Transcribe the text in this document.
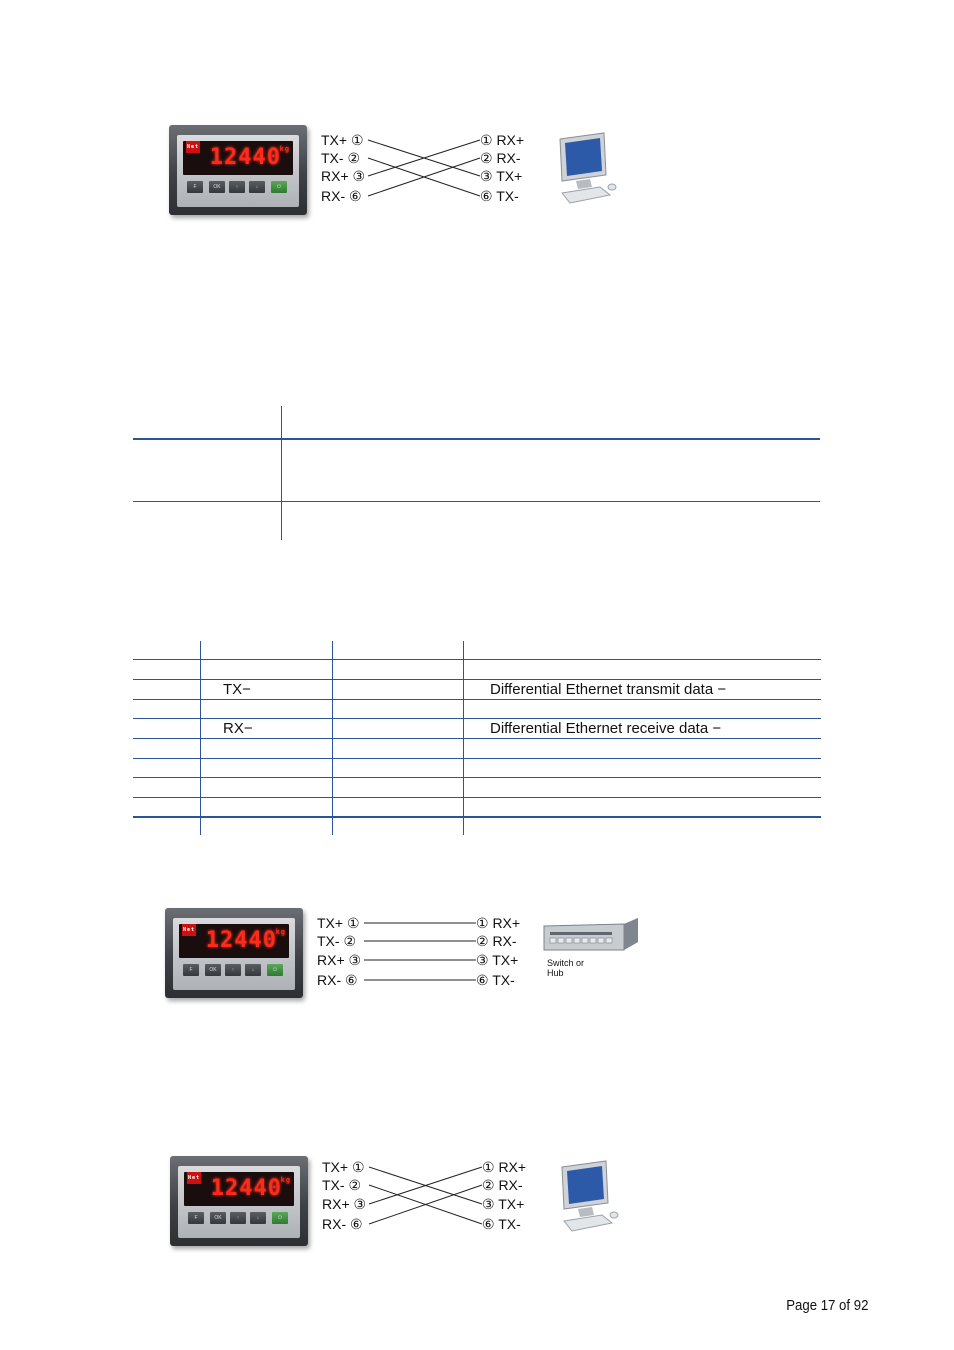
Net 12440
kg
F	OK	↑	↓	⏻
TX+ ①
TX- ②
RX+ ③
RX- ⑥
① RX+
② RX-
③ TX+
⑥ TX-
TX−	Differential Ethernet transmit data −
RX−	Differential Ethernet receive data −
Net 12440
kg
F	OK	↑	↓	⏻
TX+ ①
TX- ②
RX+ ③
RX- ⑥
① RX+
② RX-
③ TX+
⑥ TX-
Switch or
Hub
Net 12440
kg
F	OK	↑	↓	⏻
TX+ ①
TX- ②
RX+ ③
RX- ⑥
① RX+
② RX-
③ TX+
⑥ TX-
Page 17 of 92
